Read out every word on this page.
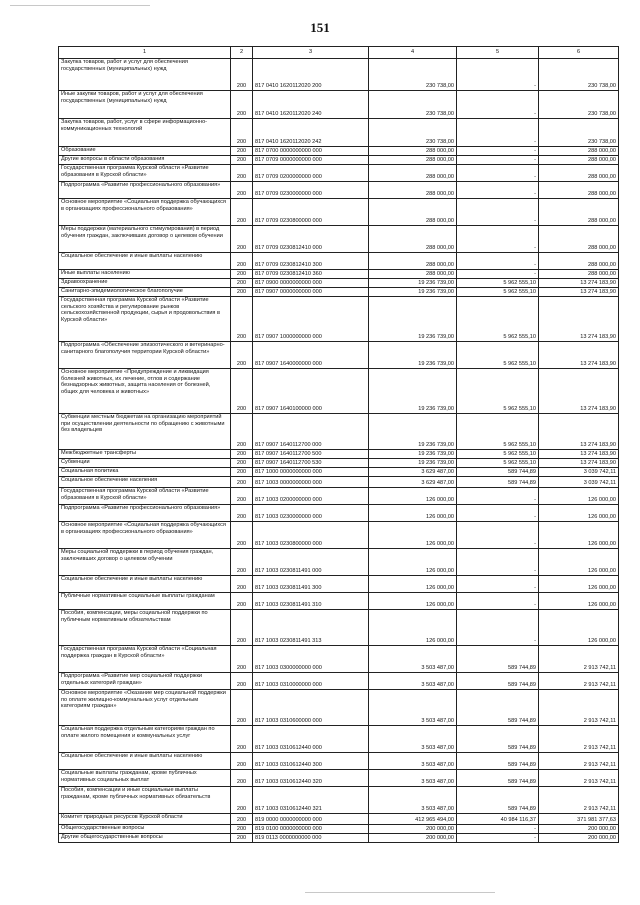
151
1	2	3	4	5	6
Закупка товаров, работ и услуг для обеспечения государственных (муниципальных) нужд	200	817 0410 1620112020 200	230 738,00	-	230 738,00
Иные закупки товаров, работ и услуг для обеспечения государственных (муниципальных) нужд	200	817 0410 1620112020 240	230 738,00	-	230 738,00
Закупка товаров, работ, услуг в сфере информационно-коммуникационных технологий	200	817 0410 1620112020 242	230 738,00	-	230 738,00
Образование	200	817 0700 0000000000 000	288 000,00	-	288 000,00
Другие вопросы в области образования	200	817 0709 0000000000 000	288 000,00	-	288 000,00
Государственная программа Курской области «Развитие образования в Курской области»	200	817 0709 0200000000 000	288 000,00	-	288 000,00
Подпрограмма «Развитие профессионального образования»	200	817 0709 0230000000 000	288 000,00	-	288 000,00
Основное мероприятие «Социальная поддержка обучающихся в организациях профессионального образования»	200	817 0709 0230800000 000	288 000,00	-	288 000,00
Меры поддержки (материального стимулирования) в период обучения граждан, заключивших договор о целевом обучении	200	817 0709 0230812410 000	288 000,00	-	288 000,00
Социальное обеспечение и иные выплаты населению	200	817 0709 0230812410 300	288 000,00	-	288 000,00
Иные выплаты населению	200	817 0709 0230812410 360	288 000,00	-	288 000,00
Здравоохранение	200	817 0900 0000000000 000	19 236 739,00	5 962 555,10	13 274 183,90
Санитарно-эпидемиологическое благополучие	200	817 0907 0000000000 000	19 236 739,00	5 962 555,10	13 274 183,90
Государственная программа Курской области «Развитие сельского хозяйства и регулирование рынков сельскохозяйственной продукции, сырья и продовольствия в Курской области»	200	817 0907 1000000000 000	19 236 739,00	5 962 555,10	13 274 183,90
Подпрограмма «Обеспечение эпизоотического и ветеринарно-санитарного благополучия территории Курской области»	200	817 0907 1640000000 000	19 236 739,00	5 962 555,10	13 274 183,90
Основное мероприятие «Предупреждение и ликвидация болезней животных, их лечение, отлов и содержание безнадзорных животных, защита населения от болезней, общих для человека и животных»	200	817 0907 1640100000 000	19 236 739,00	5 962 555,10	13 274 183,90
Субвенции местным бюджетам на организацию мероприятий при осуществлении деятельности по обращению с животными без владельцев	200	817 0907 1640112700 000	19 236 739,00	5 962 555,10	13 274 183,90
Межбюджетные трансферты	200	817 0907 1640112700 500	19 236 739,00	5 962 555,10	13 274 183,90
Субвенции	200	817 0907 1640112700 530	19 236 739,00	5 962 555,10	13 274 183,90
Социальная политика	200	817 1000 0000000000 000	3 629 487,00	589 744,89	3 039 742,11
Социальное обеспечение населения	200	817 1003 0000000000 000	3 629 487,00	589 744,89	3 039 742,11
Государственная программа Курской области «Развитие образования в Курской области»	200	817 1003 0200000000 000	126 000,00	-	126 000,00
Подпрограмма «Развитие профессионального образования»	200	817 1003 0230000000 000	126 000,00	-	126 000,00
Основное мероприятие «Социальная поддержка обучающихся в организациях профессионального образования»	200	817 1003 0230800000 000	126 000,00	-	126 000,00
Меры социальной поддержки в период обучения граждан, заключивших договор о целевом обучении	200	817 1003 0230811491 000	126 000,00	-	126 000,00
Социальное обеспечение и иные выплаты населению	200	817 1003 0230811491 300	126 000,00	-	126 000,00
Публичные нормативные социальные выплаты гражданам	200	817 1003 0230811491 310	126 000,00	-	126 000,00
Пособия, компенсации, меры социальной поддержки по публичным нормативным обязательствам	200	817 1003 0230811491 313	126 000,00	-	126 000,00
Государственная программа Курской области «Социальная поддержка граждан в Курской области»	200	817 1003 0300000000 000	3 503 487,00	589 744,89	2 913 742,11
Подпрограмма «Развитие мер социальной поддержки отдельных категорий граждан»	200	817 1003 0310000000 000	3 503 487,00	589 744,89	2 913 742,11
Основное мероприятие «Оказание мер социальной поддержки по оплате жилищно-коммунальных услуг отдельным категориям граждан»	200	817 1003 0310600000 000	3 503 487,00	589 744,89	2 913 742,11
Социальная поддержка отдельным категориям граждан по оплате жилого помещения и коммунальных услуг	200	817 1003 0310612440 000	3 503 487,00	589 744,89	2 913 742,11
Социальное обеспечение и иные выплаты населению	200	817 1003 0310612440 300	3 503 487,00	589 744,89	2 913 742,11
Социальные выплаты гражданам, кроме публичных нормативных социальных выплат	200	817 1003 0310612440 320	3 503 487,00	589 744,89	2 913 742,11
Пособия, компенсации и иные социальные выплаты гражданам, кроме публичных нормативных обязательств	200	817 1003 0310612440 321	3 503 487,00	589 744,89	2 913 742,11
Комитет природных ресурсов Курской области	200	819 0000 0000000000 000	412 965 494,00	40 984 116,37	371 981 377,63
Общегосударственные вопросы	200	819 0100 0000000000 000	200 000,00	-	200 000,00
Другие общегосударственные вопросы	200	819 0113 0000000000 000	200 000,00	-	200 000,00
